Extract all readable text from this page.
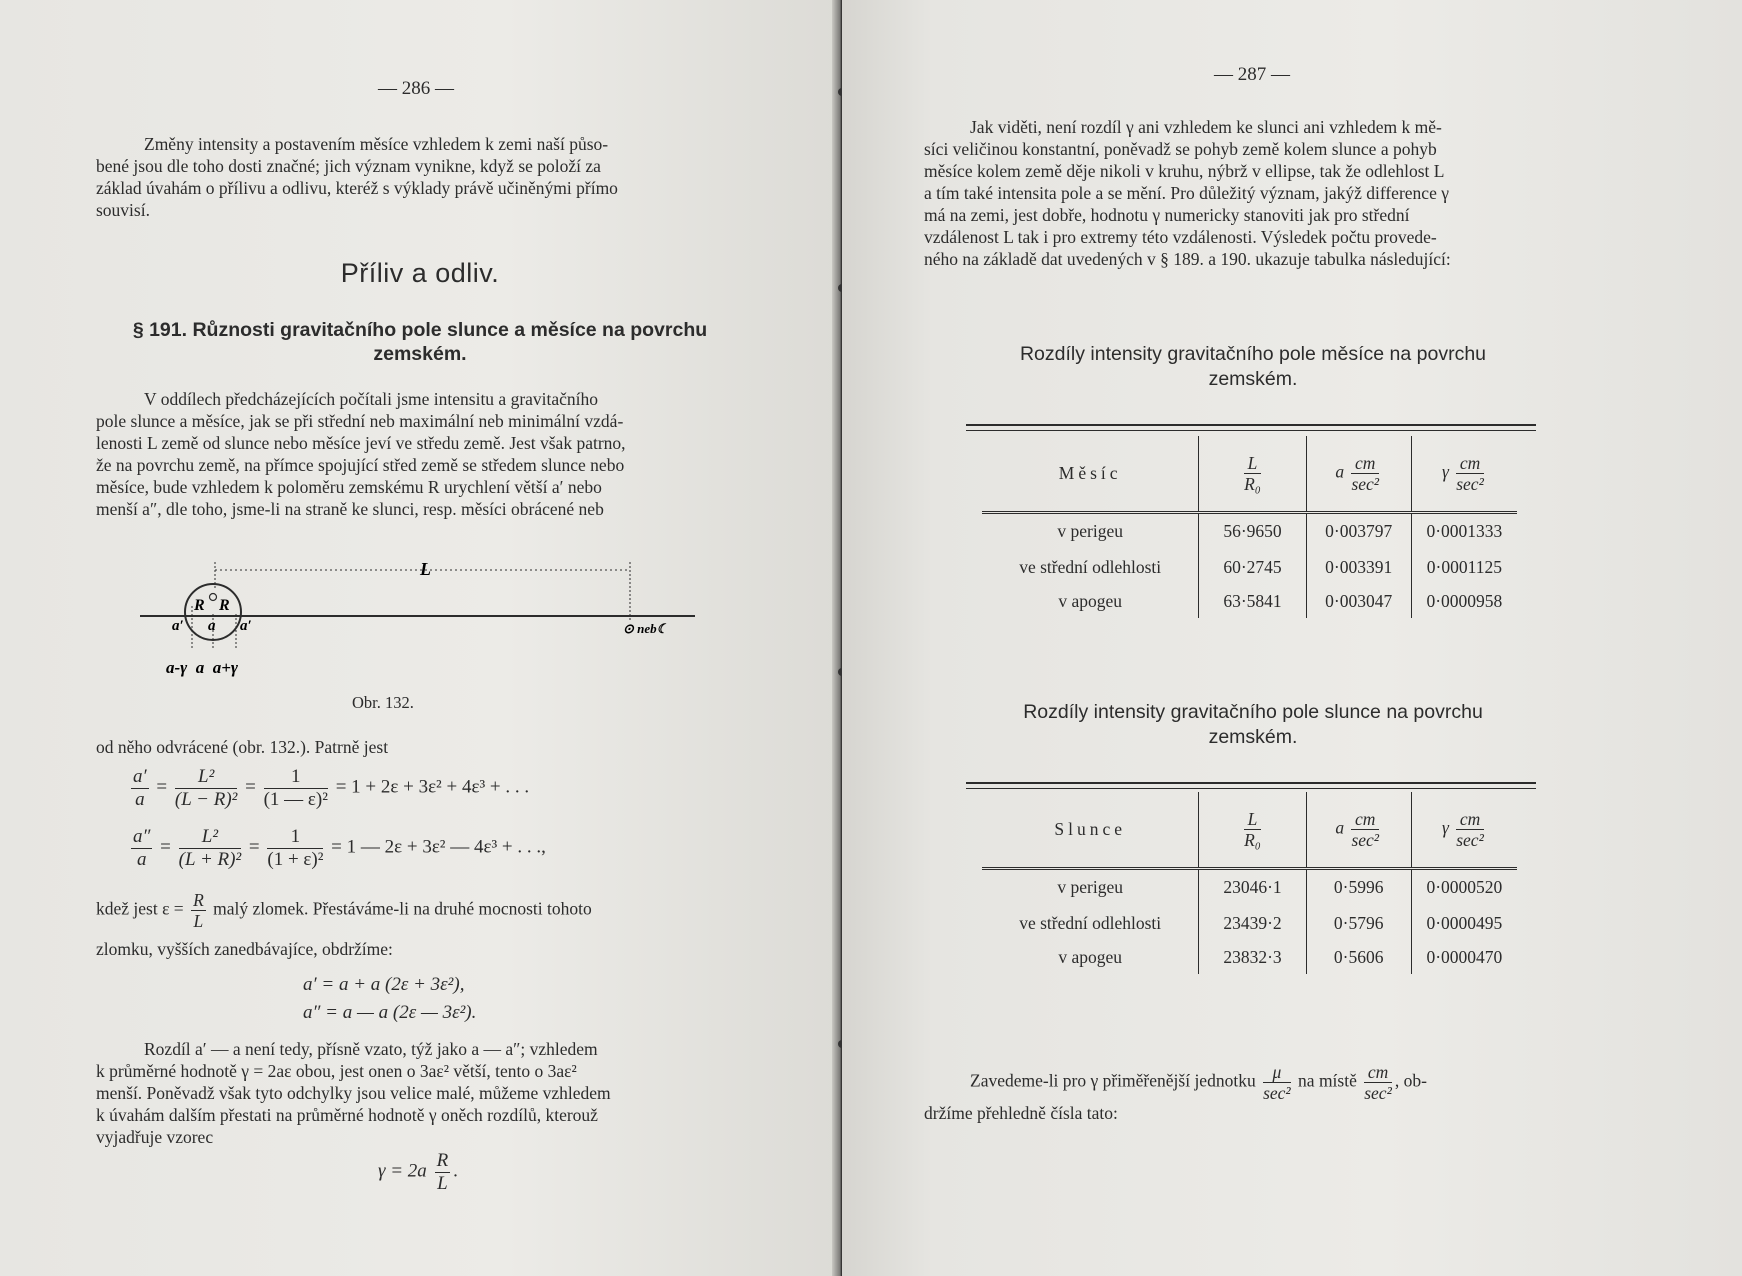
— 286 —
Změny intensity a postavením měsíce vzhledem k zemi naší půso-
bené jsou dle toho dosti značné; jich význam vynikne, když se položí za
základ úvahám o přílivu a odlivu, kteréž s výklady právě učiněnými přímo
souvisí.
Příliv a odliv.
§ 191. Různosti gravitačního pole slunce a měsíce na povrchu
zemském.
V oddílech předcházejících počítali jsme intensitu a gravitačního
pole slunce a měsíce, jak se při střední neb maximální neb minimální vzdá-
lenosti L země od slunce nebo měsíce jeví ve středu země. Jest však patrno,
že na povrchu země, na přímce spojující střed země se středem slunce nebo
měsíce, bude vzhledem k poloměru zemskému R urychlení větší a′ nebo
menší a″, dle toho, jsme-li na straně ke slunci, resp. měsíci obrácené neb
L
R R
a′ a a′	⊙ neb☾
a-γ  a  a+γ
Obr. 132.
od něho odvrácené (obr. 132.). Patrně jest
$\frac{a'}{a} = \frac{\text{L²}}{\text{(L − R)²}} = \frac{1}{\text{(1 — ε)²}} = 1 + 2\varepsilon + 3\varepsilon^2 + 4\varepsilon^3$ + . . .
$\frac{a''}{a} = \frac{\text{L²}}{\text{(L + R)²}} = \frac{1}{\text{(1 + ε)²}} = 1$ — 2ε + 3ε² — 4ε³ + . . .,
kdež jest $\varepsilon = \frac{R}{L}$ malý zlomek. Přestáváme-li na druhé mocnosti tohoto
zlomku, vyšších zanedbávajíce, obdržíme:
a′ = a + a (2ε + 3ε²),
a″ = a — a (2ε — 3ε²).
Rozdíl a′ — a není tedy, přísně vzato, týž jako a — a″; vzhledem
k průměrné hodnotě γ = 2aε obou, jest onen o 3aε² větší, tento o 3aε²
menší. Poněvadž však tyto odchylky jsou velice malé, můžeme vzhledem
k úvahám dalším přestati na průměrné hodnotě γ oněch rozdílů, kterouž
vyjadřuje vzorec
$\gamma = 2a \frac{R}{L}$ .
— 287 —
Jak viděti, není rozdíl γ ani vzhledem ke slunci ani vzhledem k mě-
síci veličinou konstantní, poněvadž se pohyb země kolem slunce a pohyb
měsíce kolem země děje nikoli v kruhu, nýbrž v ellipse, tak že odlehlost L
a tím také intensita pole a se mění. Pro důležitý význam, jakýž difference γ
má na zemi, jest dobře, hodnotu γ numericky stanoviti jak pro střední
vzdálenost L tak i pro extremy této vzdálenosti. Výsledek počtu provede-
ného na základě dat uvedených v § 189. a 190. ukazuje tabulka následující:
Rozdíly intensity gravitačního pole měsíce na povrchu
zemském.
Měsíc	$\frac{L}{\text{R₀}}$	a $\frac{cm}{\text{sec²}}$	γ $\frac{cm}{\text{sec²}}$

v perigeu	56·9650	0·003797	0·0001333
ve střední odlehlosti	60·2745	0·003391	0·0001125
v apogeu	63·5841	0·003047	0·0000958
Rozdíly intensity gravitačního pole slunce na povrchu
zemském.
Slunce	$\frac{L}{\text{R₀}}$	a $\frac{cm}{\text{sec²}}$	γ $\frac{cm}{\text{sec²}}$

v perigeu	23046·1	0·5996	0·0000520
ve střední odlehlosti	23439·2	0·5796	0·0000495
v apogeu	23832·3	0·5606	0·0000470
Zavedeme-li pro γ přiměřenější jednotku $\frac{\mu}{\text{sec²}}$ na místě $\frac{cm}{\text{sec²}}$ , ob-
držíme přehledně čísla tato:
